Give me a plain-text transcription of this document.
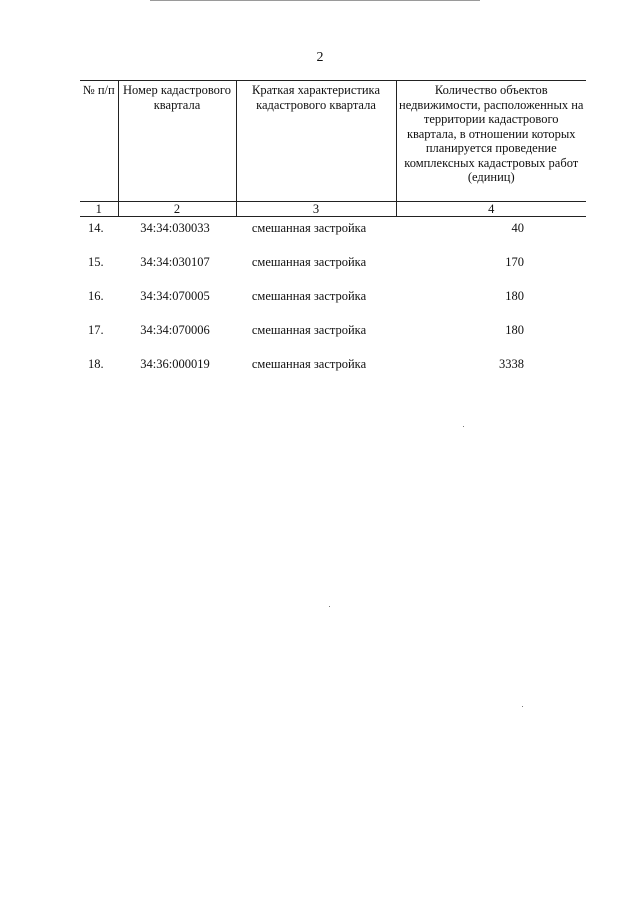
2
№ п/п	Номер кадастрового квартала	Краткая характеристика кадастрового квартала	Количество объектов недвижимости, расположенных на территории кадастрового квартала, в отношении которых планируется проведение комплексных кадастровых работ (единиц)
1	2	3	4
14.	34:34:030033	смешанная застройка	40
15.	34:34:030107	смешанная застройка	170
16.	34:34:070005	смешанная застройка	180
17.	34:34:070006	смешанная застройка	180
18.	34:36:000019	смешанная застройка	3338
